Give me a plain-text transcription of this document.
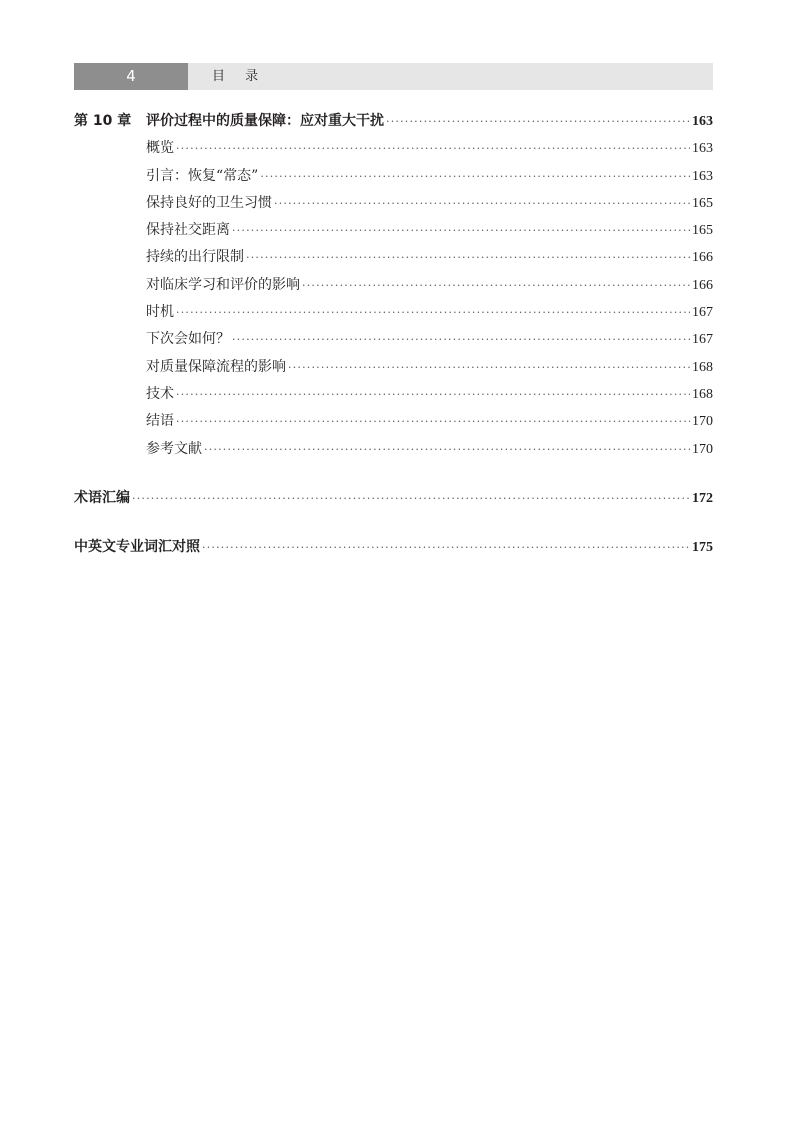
4	目 录
第 10 章	评价过程中的质量保障：应对重大干扰 ·····	163
概览 ·····	163
引言：恢复“常态” ·····	163
保持良好的卫生习惯 ·····	165
保持社交距离 ·····	165
持续的出行限制 ·····	166
对临床学习和评价的影响 ·····	166
时机 ·····	167
下次会如何？ ·····	167
对质量保障流程的影响 ·····	168
技术 ·····	168
结语 ·····	170
参考文献 ·····	170
术语汇编 ·····	172
中英文专业词汇对照 ·····	175
